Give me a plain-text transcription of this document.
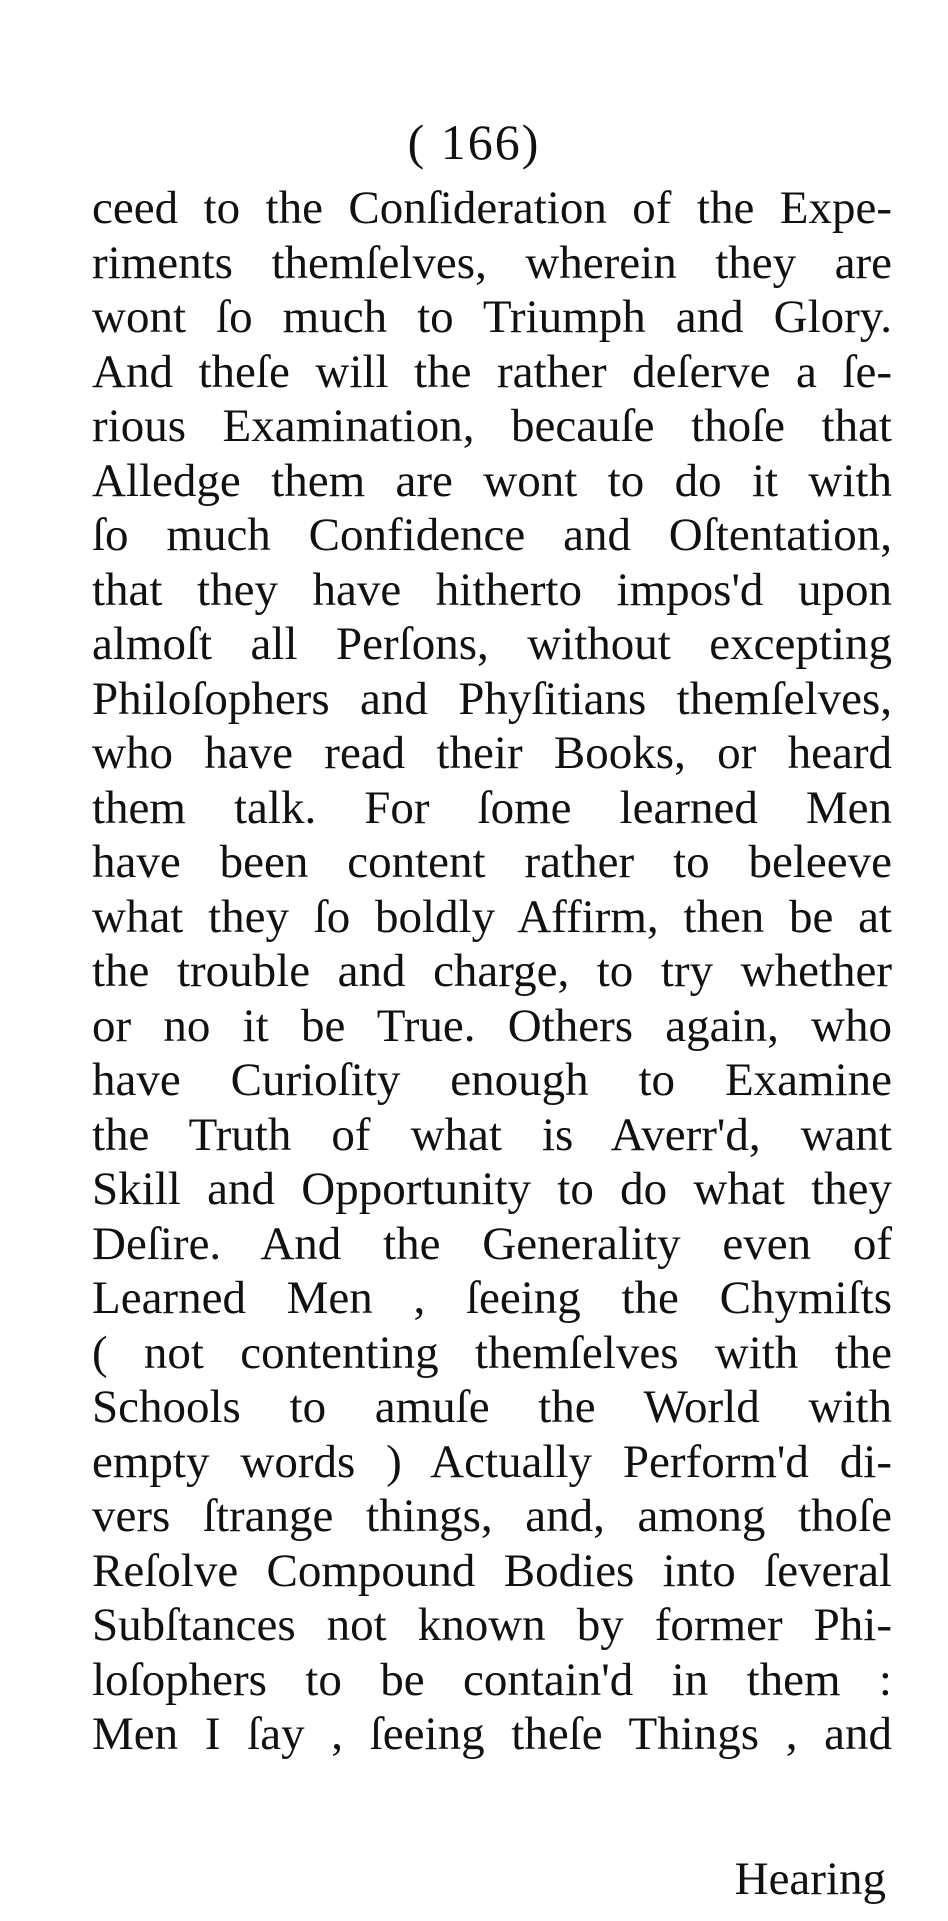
( 166)
ceed to the Conſideration of the Expe-
riments themſelves, wherein they are
wont ſo much to Triumph and Glory.
And theſe will the rather deſerve a ſe-
rious Examination, becauſe thoſe that
Alledge them are wont to do it with
ſo much Confidence and Oſtentation,
that they have hitherto impos'd upon
almoſt all Perſons, without excepting
Philoſophers and Phyſitians themſelves,
who have read their Books, or heard
them talk. For ſome learned Men
have been content rather to beleeve
what they ſo boldly Affirm, then be at
the trouble and charge, to try whether
or no it be True. Others again, who
have Curioſity enough to Examine
the Truth of what is Averr'd, want
Skill and Opportunity to do what they
Deſire. And the Generality even of
Learned Men , ſeeing the Chymiſts
( not contenting themſelves with the
Schools to amuſe the World with
empty words ) Actually Perform'd di-
vers ſtrange things, and, among thoſe
Reſolve Compound Bodies into ſeveral
Subſtances not known by former Phi-
loſophers to be contain'd in them :
Men I ſay , ſeeing theſe Things , and
Hearing
